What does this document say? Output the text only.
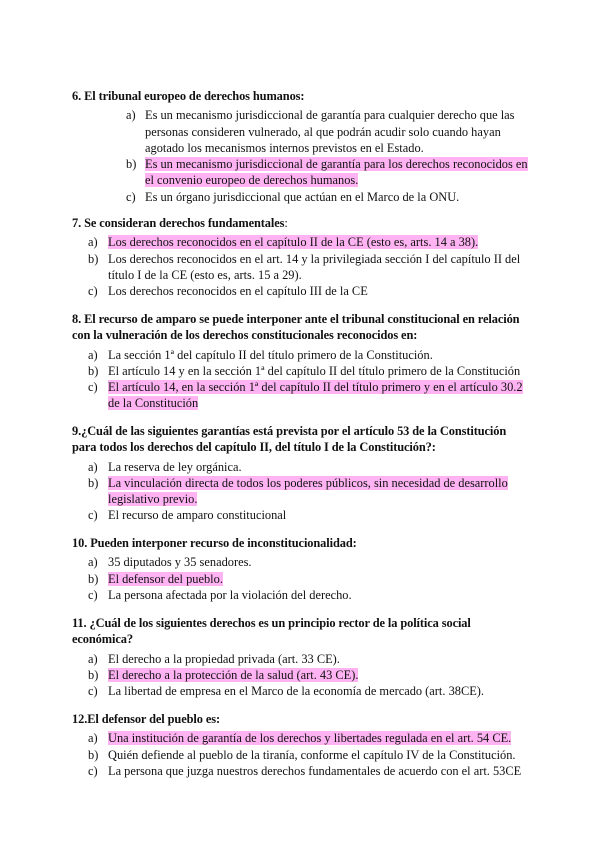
6. El tribunal europeo de derechos humanos:

a) Es un mecanismo jurisdiccional de garantía para cualquier derecho que las personas consideren vulnerado, al que podrán acudir solo cuando hayan agotado los mecanismos internos previstos en el Estado.
b) Es un mecanismo jurisdiccional de garantía para los derechos reconocidos en el convenio europeo de derechos humanos.
c) Es un órgano jurisdiccional que actúan en el Marco de la ONU.

7. Se consideran derechos fundamentales:

a) Los derechos reconocidos en el capítulo II de la CE (esto es, arts. 14 a 38).
b) Los derechos reconocidos en el art. 14 y la privilegiada sección I del capítulo II del título I de la CE (esto es, arts. 15 a 29).
c) Los derechos reconocidos en el capítulo III de la CE

8. El recurso de amparo se puede interponer ante el tribunal constitucional en relación con la vulneración de los derechos constitucionales reconocidos en:

a) La sección 1ª del capítulo II del título primero de la Constitución.
b) El artículo 14 y en la sección 1ª del capítulo II del título primero de la Constitución
c) El artículo 14, en la sección 1ª del capítulo II del título primero y en el artículo 30.2 de la Constitución

9.¿Cuál de las siguientes garantías está prevista por el artículo 53 de la Constitución para todos los derechos del capítulo II, del título I de la Constitución?:

a) La reserva de ley orgánica.
b) La vinculación directa de todos los poderes públicos, sin necesidad de desarrollo legislativo previo.
c) El recurso de amparo constitucional

10. Pueden interponer recurso de inconstitucionalidad:

a) 35 diputados y 35 senadores.
b) El defensor del pueblo.
c) La persona afectada por la violación del derecho.

11. ¿Cuál de los siguientes derechos es un principio rector de la política social económica?

a) El derecho a la propiedad privada (art. 33 CE).
b) El derecho a la protección de la salud (art. 43 CE).
c) La libertad de empresa en el Marco de la economía de mercado (art. 38CE).

12.El defensor del pueblo es:

a) Una institución de garantía de los derechos y libertades regulada en el art. 54 CE.
b) Quién defiende al pueblo de la tiranía, conforme el capítulo IV de la Constitución.
c) La persona que juzga nuestros derechos fundamentales de acuerdo con el art. 53CE
